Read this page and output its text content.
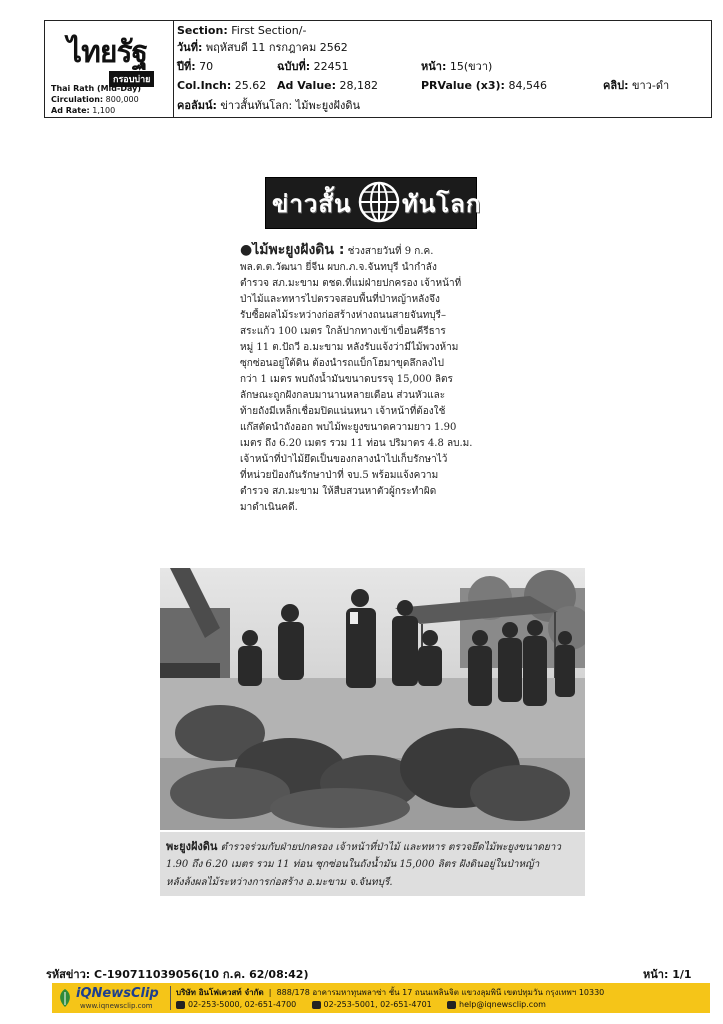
ไทยรัฐ
กรอบบ่าย
Thai Rath (Mid-Day)
Circulation: 800,000
Ad Rate: 1,100
Section: First Section/-
วันที่: พฤหัสบดี 11 กรกฎาคม 2562
ปีที่: 70	ฉบับที่: 22451	หน้า: 15(ขวา)
Col.Inch: 25.62 Ad Value: 28,182	PRValue (x3): 84,546	คลิป: ขาว-ดำ
คอลัมน์: ข่าวสั้นทันโลก: ไม้พะยูงฝังดิน
ข่าวสั้น ทันโลก
●ไม้พะยูงฝังดิน : ช่วงสายวันที่ 9 ก.ค.
พล.ต.ต.วัฒนา ยี่จีน ผบก.ภ.จ.จันทบุรี นำกำลัง
ตำรวจ สภ.มะขาม ตชด.ที่แม่ฝ่ายปกครอง เจ้าหน้าที่
ป่าไม้และทหารไปตรวจสอบพื้นที่ป่าหญ้าหลังจึง
รับซื้อผลไม้ระหว่างก่อสร้างห่างถนนสายจันทบุรี–
สระแก้ว 100 เมตร ใกล้ปากทางเข้าเขื่อนคีรีธาร
หมู่ 11 ต.ปัถวี อ.มะขาม หลังรับแจ้งว่ามีไม้พวงห้าม
ซุกซ่อนอยู่ใต้ดิน ต้องนำรถแบ็กโฮมาขุดลึกลงไป
กว่า 1 เมตร พบถังน้ำมันขนาดบรรจุ 15,000 ลิตร
ลักษณะถูกฝังกลบมานานหลายเดือน ส่วนหัวและ
ท้ายถังมีเหล็กเชื่อมปิดแน่นหนา เจ้าหน้าที่ต้องใช้
แก๊สตัดนำถังออก พบไม้พะยูงขนาดความยาว 1.90
เมตร ถึง 6.20 เมตร รวม 11 ท่อน ปริมาตร 4.8 ลบ.ม.
เจ้าหน้าที่ป่าไม้ยึดเป็นของกลางนำไปเก็บรักษาไว้
ที่หน่วยป้องกันรักษาป่าที่ จบ.5 พร้อมแจ้งความ
ตำรวจ สภ.มะขาม ให้สืบสวนหาตัวผู้กระทำผิด
มาดำเนินคดี.
พะยูงฝังดิน ตำรวจร่วมกับฝ่ายปกครอง เจ้าหน้าที่ป่าไม้ และทหาร ตรวจยึดไม้พะยูงขนาดยาว
1.90 ถึง 6.20 เมตร รวม 11 ท่อน ซุกซ่อนในถังน้ำมัน 15,000 ลิตร ฝังดินอยู่ในป่าหญ้า
หลังล้งผลไม้ระหว่างการก่อสร้าง อ.มะขาม จ.จันทบุรี.
รหัสข่าว: C-190711039056(10 ก.ค. 62/08:42)	หน้า: 1/1
iQNewsClip
www.iqnewsclip.com
บริษัท อินโฟเควสท์ จำกัด  |  888/178 อาคารมหาทุนพลาซ่า ชั้น 17 ถนนเพลินจิต แขวงลุมพินี เขตปทุมวัน กรุงเทพฯ 10330
02-253-5000, 02-651-4700	02-253-5001, 02-651-4701	help@iqnewsclip.com
